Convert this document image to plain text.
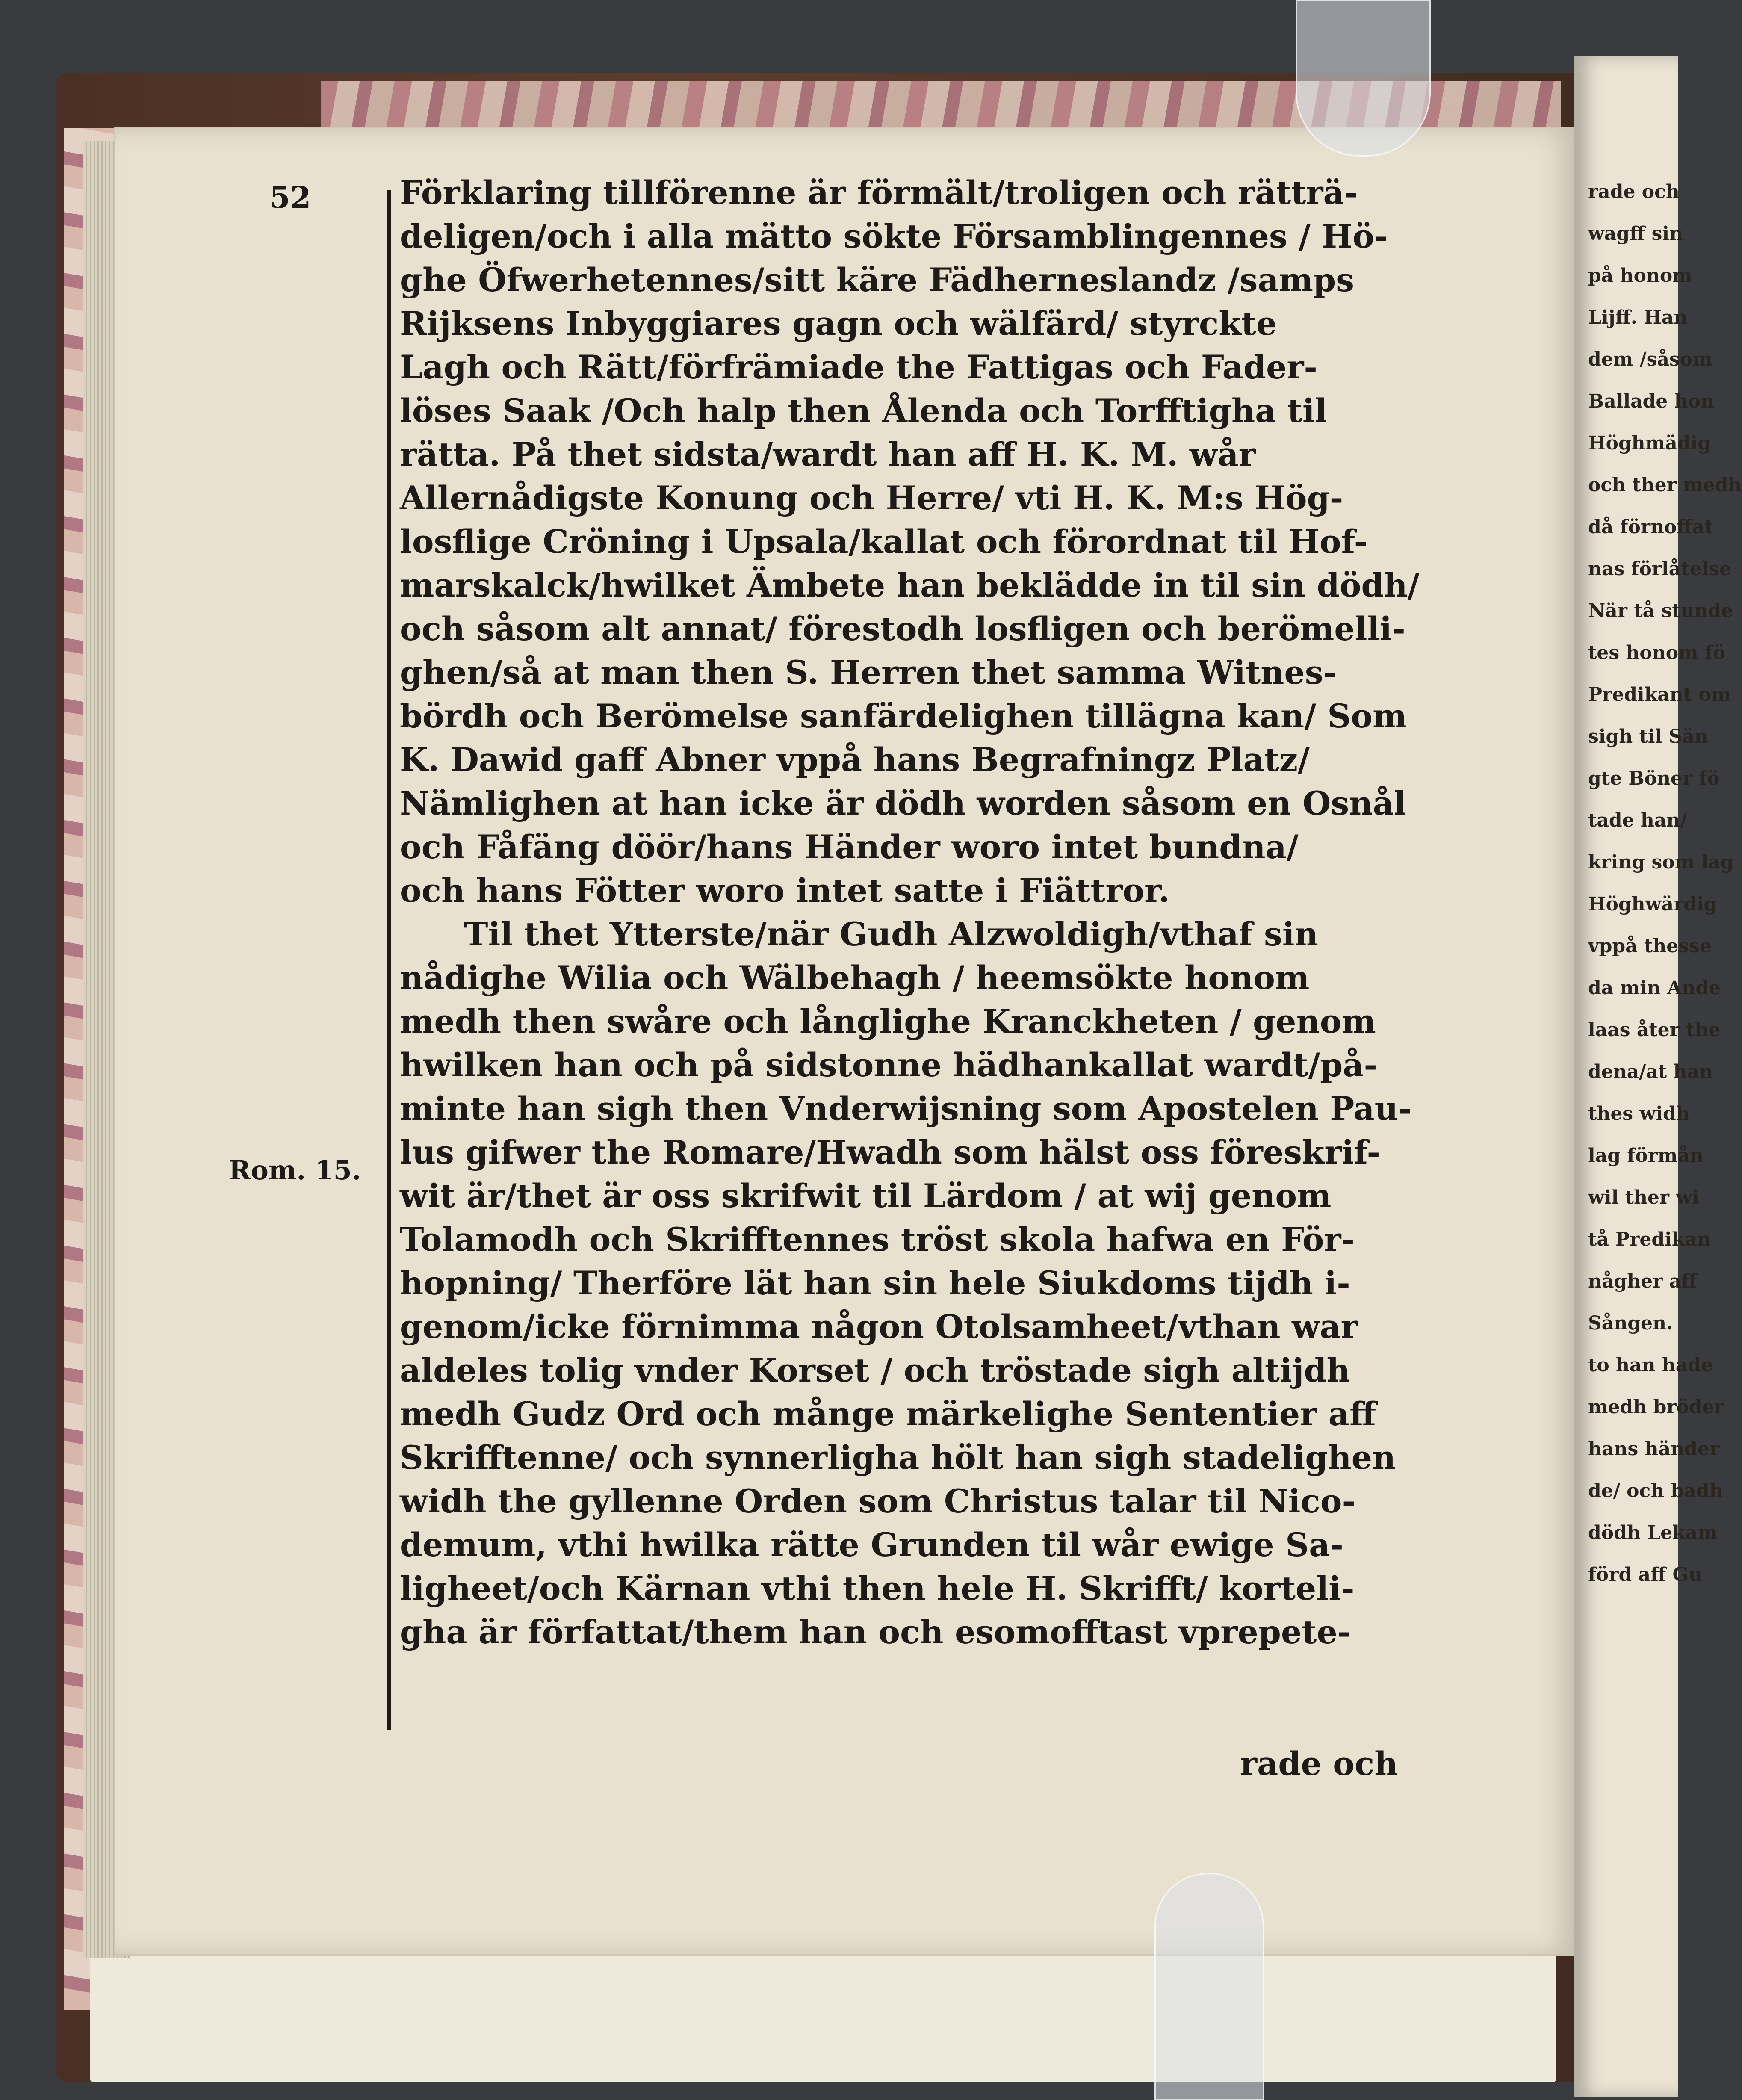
rade och
wagff sin
på honom
Lijff. Han
dem /såsom
Ballade hon
Höghmädig
och ther medh
då förnoffat
nas förlåtelse
När tå stunde
tes honom fö
Predikant om
sigh til Sän
gte Böner fö
tade han/
kring som lag
Höghwärdig
vppå thesse
da min Ande
laas åter the
dena/at han
thes widh
lag förmån
wil ther wi
tå Predikan
någher aff
Sången.
to han hade
medh bröder
hans händer
de/ och badh
dödh Lekam
förd aff Gu
52
Rom. 15.
Förklaring tillförenne är förmält/troligen och rätträ-
deligen/och i alla mätto sökte Församblingennes / Hö-
ghe Öfwerhetennes/sitt käre Fädherneslandz /samps
Rijksens Inbyggiares gagn och wälfärd/ styrckte
Lagh och Rätt/förfrämiade the Fattigas och Fader-
löses Saak /Och halp then Ålenda och Torfftigha til
rätta. På thet sidsta/wardt han aff H. K. M. wår
Allernådigste Konung och Herre/ vti H. K. M:s Hög-
losflige Cröning i Upsala/kallat och förordnat til Hof-
marskalck/hwilket Ämbete han beklädde in til sin dödh/
och såsom alt annat/ förestodh losfligen och berömelli-
ghen/så at man then S. Herren thet samma Witnes-
bördh och Berömelse sanfärdelighen tillägna kan/ Som
K. Dawid gaff Abner vppå hans Begrafningz Platz/
Nämlighen at han icke är dödh worden såsom en Osnål
och Fåfäng döör/hans Händer woro intet bundna/
och hans Fötter woro intet satte i Fiättror.
Til thet Ytterste/när Gudh Alzwoldigh/vthaf sin
nådighe Wilia och Wälbehagh / heemsökte honom
medh then swåre och långlighe Kranckheten / genom
hwilken han och på sidstonne hädhankallat wardt/på-
minte han sigh then Vnderwijsning som Apostelen Pau-
lus gifwer the Romare/Hwadh som hälst oss föreskrif-
wit är/thet är oss skrifwit til Lärdom / at wij genom
Tolamodh och Skrifftennes tröst skola hafwa en För-
hopning/ Therföre lät han sin hele Siukdoms tijdh i-
genom/icke förnimma någon Otolsamheet/vthan war
aldeles tolig vnder Korset / och tröstade sigh altijdh
medh Gudz Ord och månge märkelighe Sententier aff
Skrifftenne/ och synnerligha hölt han sigh stadelighen
widh the gyllenne Orden som Christus talar til Nico-
demum, vthi hwilka rätte Grunden til wår ewige Sa-
ligheet/och Kärnan vthi then hele H. Skrifft/ korteli-
gha är författat/them han och esomofftast vprepete-
rade och
